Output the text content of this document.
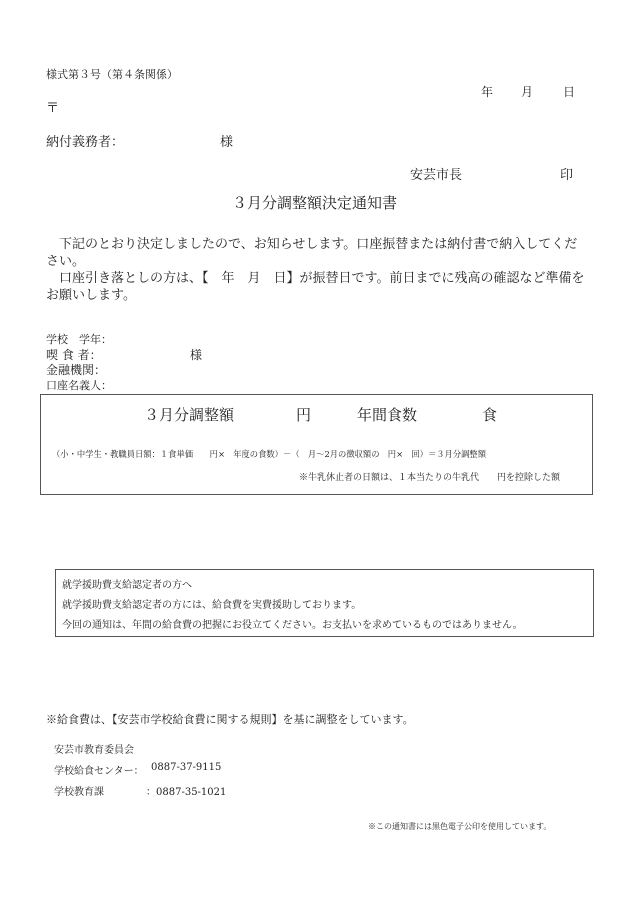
様式第３号（第４条関係）
年 月 日
〒
納付義務者：	様
安芸市長	印
３月分調整額決定通知書

下記のとおり決定しましたので、お知らせします。口座振替または納付書で納入してください。

口座引き落としの方は、【　年　月　日】が振替日です。前日までに残高の確認など準備をお願いします。

学校　学年：
喫 食 者：	様
金融機関：
口座名義人：
３月分調整額	円	年間食数	食
（小・中学生・教職員日額：１食単価　　円×　年度の食数）－（　月～2月の徴収額の　円×　回）＝３月分調整額
※牛乳休止者の日額は、１本当たりの牛乳代　　円を控除した額
就学援助費支給認定者の方へ
就学援助費支給認定者の方には、給食費を実費援助しております。
今回の通知は、年間の給食費の把握にお役立てください。お支払いを求めているものではありません。
※給食費は、【安芸市学校給食費に関する規則】を基に調整をしています。
安芸市教育委員会
学校給食センター： 0887-37-9115
学校教育課	：0887-35-1021
※この通知書には黒色電子公印を使用しています。
